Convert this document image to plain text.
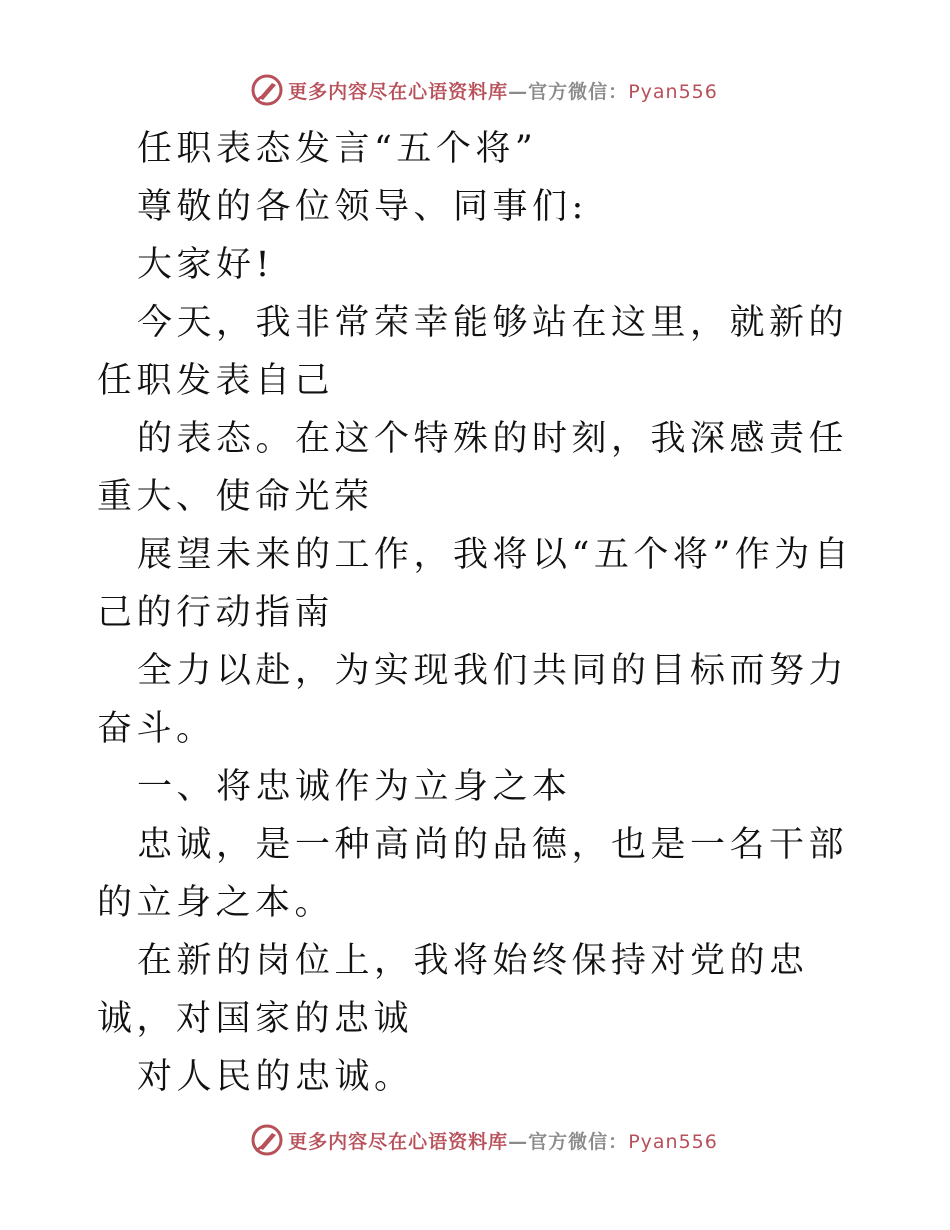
更多内容尽在心语资料库—官方微信：Pyan556

任职表态发言“五个将”

尊敬的各位领导、同事们:

大家好!

今天，我非常荣幸能够站在这里，就新的任职发表自己

的表态。在这个特殊的时刻，我深感责任重大、使命光荣

展望未来的工作，我将以“五个将”作为自己的行动指南

全力以赴，为实现我们共同的目标而努力奋斗。

一、将忠诚作为立身之本

忠诚，是一种高尚的品德，也是一名干部的立身之本。

在新的岗位上，我将始终保持对党的忠诚，对国家的忠诚

对人民的忠诚。

更多内容尽在心语资料库—官方微信：Pyan556
